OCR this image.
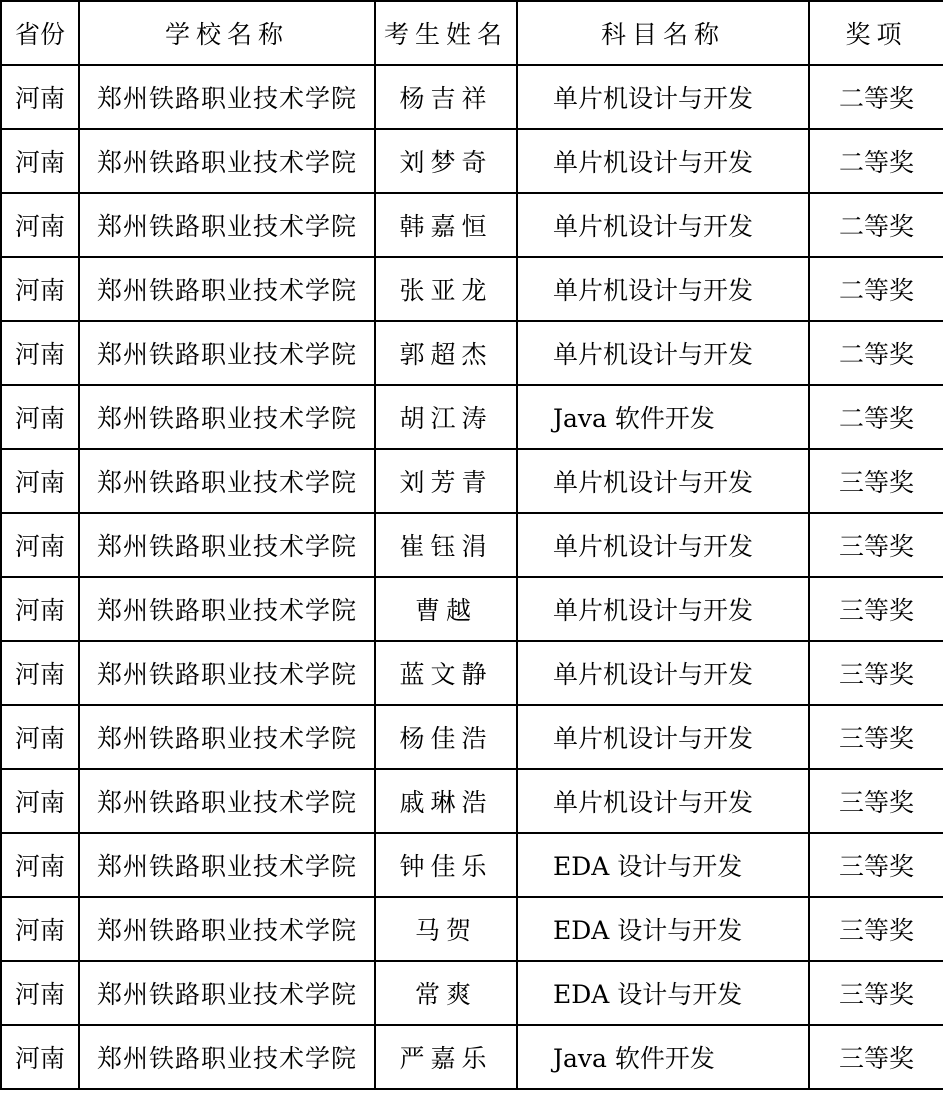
省份	学校名称	考生姓名	科目名称	奖项
河南	郑州铁路职业技术学院	杨吉祥	单片机设计与开发	二等奖
河南	郑州铁路职业技术学院	刘梦奇	单片机设计与开发	二等奖
河南	郑州铁路职业技术学院	韩嘉恒	单片机设计与开发	二等奖
河南	郑州铁路职业技术学院	张亚龙	单片机设计与开发	二等奖
河南	郑州铁路职业技术学院	郭超杰	单片机设计与开发	二等奖
河南	郑州铁路职业技术学院	胡江涛	Java 软件开发	二等奖
河南	郑州铁路职业技术学院	刘芳青	单片机设计与开发	三等奖
河南	郑州铁路职业技术学院	崔钰涓	单片机设计与开发	三等奖
河南	郑州铁路职业技术学院	曹越	单片机设计与开发	三等奖
河南	郑州铁路职业技术学院	蓝文静	单片机设计与开发	三等奖
河南	郑州铁路职业技术学院	杨佳浩	单片机设计与开发	三等奖
河南	郑州铁路职业技术学院	戚琳浩	单片机设计与开发	三等奖
河南	郑州铁路职业技术学院	钟佳乐	EDA 设计与开发	三等奖
河南	郑州铁路职业技术学院	马贺	EDA 设计与开发	三等奖
河南	郑州铁路职业技术学院	常爽	EDA 设计与开发	三等奖
河南	郑州铁路职业技术学院	严嘉乐	Java 软件开发	三等奖
